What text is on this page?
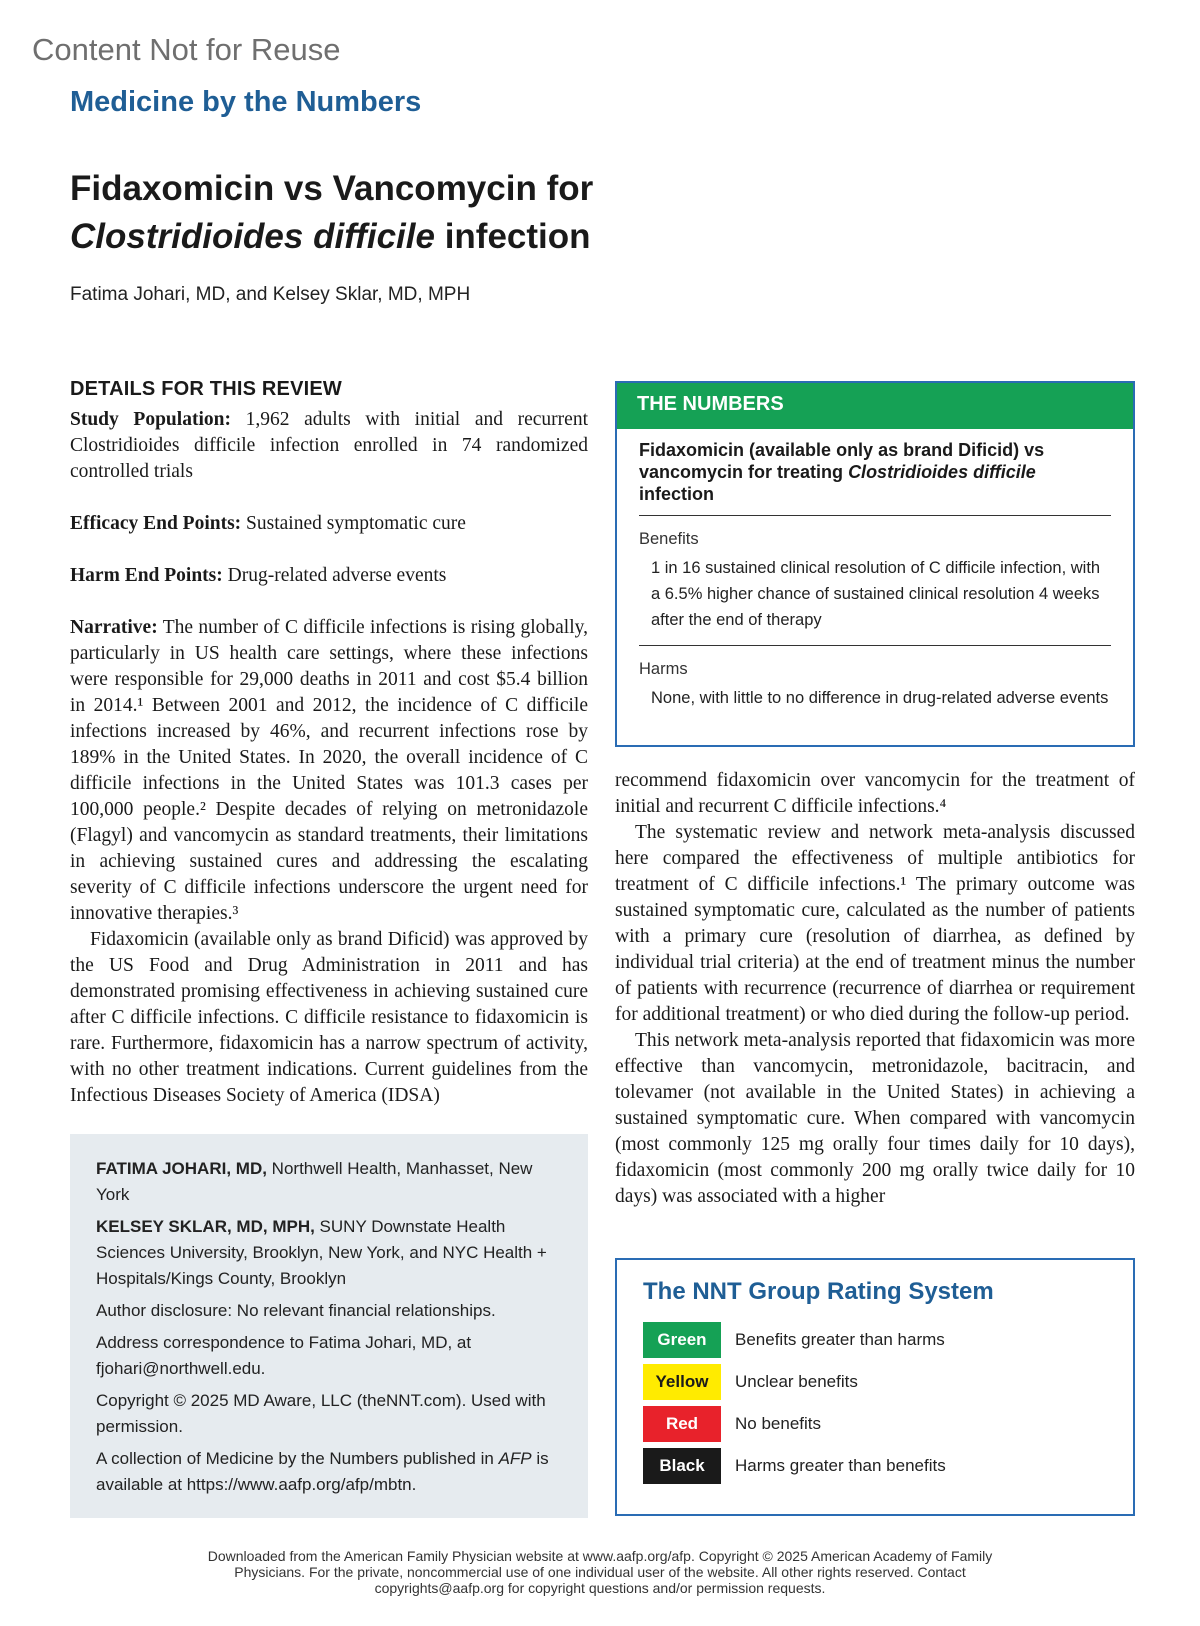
Content Not for Reuse
Medicine by the Numbers
Fidaxomicin vs Vancomycin for
Clostridioides difficile infection
Fatima Johari, MD, and Kelsey Sklar, MD, MPH
DETAILS FOR THIS REVIEW

Study Population: 1,962 adults with initial and recurrent Clostridioides difficile infection enrolled in 74 randomized controlled trials

Efficacy End Points: Sustained symptomatic cure

Harm End Points: Drug-related adverse events

Narrative: The number of C difficile infections is rising globally, particularly in US health care settings, where these infections were responsible for 29,000 deaths in 2011 and cost $5.4 billion in 2014.¹ Between 2001 and 2012, the incidence of C difficile infections increased by 46%, and recurrent infections rose by 189% in the United States. In 2020, the overall incidence of C difficile infections in the United States was 101.3 cases per 100,000 people.² Despite decades of relying on metronidazole (Flagyl) and vancomycin as standard treatments, their limitations in achieving sustained cures and addressing the escalating severity of C difficile infections underscore the urgent need for innovative therapies.³

Fidaxomicin (available only as brand Dificid) was approved by the US Food and Drug Administration in 2011 and has demonstrated promising effectiveness in achieving sustained cure after C difficile infections. C difficile resistance to fidaxomicin is rare. Furthermore, fidaxomicin has a narrow spectrum of activity, with no other treatment indications. Current guidelines from the Infectious Diseases Society of America (IDSA)

FATIMA JOHARI, MD, Northwell Health, Manhasset, New York

KELSEY SKLAR, MD, MPH, SUNY Downstate Health Sciences University, Brooklyn, New York, and NYC Health + Hospitals/Kings County, Brooklyn

Author disclosure: No relevant financial relationships.

Address correspondence to Fatima Johari, MD, at fjohari@northwell.edu.

Copyright © 2025 MD Aware, LLC (theNNT.com). Used with permission.

A collection of Medicine by the Numbers published in AFP is available at https://www.aafp.org/afp/mbtn.

THE NUMBERS
Fidaxomicin (available only as brand Dificid) vs vancomycin for treating Clostridioides difficile infection
Benefits
1 in 16 sustained clinical resolution of C difficile infection, with a 6.5% higher chance of sustained clinical resolution 4 weeks after the end of therapy
Harms
None, with little to no difference in drug-related adverse events

recommend fidaxomicin over vancomycin for the treatment of initial and recurrent C difficile infections.⁴

The systematic review and network meta-analysis discussed here compared the effectiveness of multiple antibiotics for treatment of C difficile infections.¹ The primary outcome was sustained symptomatic cure, calculated as the number of patients with a primary cure (resolution of diarrhea, as defined by individual trial criteria) at the end of treatment minus the number of patients with recurrence (recurrence of diarrhea or requirement for additional treatment) or who died during the follow-up period.

This network meta-analysis reported that fidaxomicin was more effective than vancomycin, metronidazole, bacitracin, and tolevamer (not available in the United States) in achieving a sustained symptomatic cure. When compared with vancomycin (most commonly 125 mg orally four times daily for 10 days), fidaxomicin (most commonly 200 mg orally twice daily for 10 days) was associated with a higher

The NNT Group Rating System
Green	Benefits greater than harms
Yellow	Unclear benefits
Red	No benefits
Black	Harms greater than benefits
Downloaded from the American Family Physician website at www.aafp.org/afp. Copyright © 2025 American Academy of Family Physicians. For the private, noncommercial use of one individual user of the website. All other rights reserved. Contact copyrights@aafp.org for copyright questions and/or permission requests.
